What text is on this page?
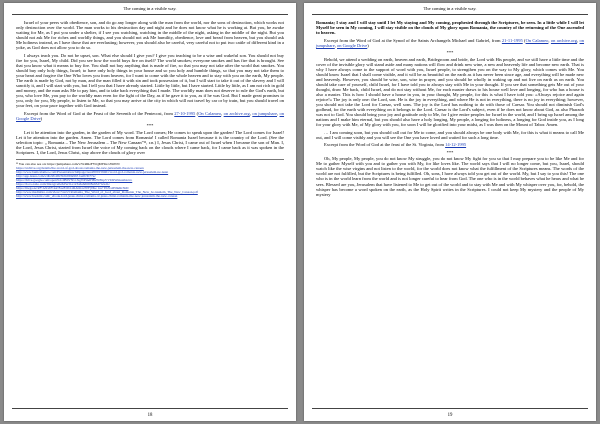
The coming in a visible way.

Israel of your peers with obedience, son, and do go any longer along with the man from the world, nor the sons of destruction, which works not only destruction over the world. The man works to his destruction day and night and he does not know what he is working at. But you, be awake waiting for Me, as I put you under a shelter, if I see you watching, watching in the middle of the night, asking in the middle of the night. But you should not ask Me for riches and worldly things, and you should not ask Me humility, obedience, love and bread from heaven, but you should ask Me holiness instead, as I have those that are everlasting; however, you should also be careful, very careful not to put two cattle of different kind in a yoke, as God does not allow you to do so.

I always teach you. Do not be upset, son. What else should I give you? I give you teaching to be a wise and wakeful son. You should not buy fire for you, Israel, My child. Did you see how the world buys fire on itself? The world smokes; everyone smokes and has fire that is brought. See that you know what it means to buy fire. You shall not buy anything that is made of fire, so that you may not take after the world that smokes. You should buy only holy things, Israel; to have only holy things in your house and so you holy and humble things, so that you may not take them to your heart and forgive the One Who loves you from heaven, for I want to come with the whole heaven and to stay with you on the earth, My people. The earth is made by God, not by man, and the man filled it with sin and took possession of it, but I will start to take it out of the slavery and I will sanctify it, and I will start with you, but I tell you that I have already started. Little by little, but I have started. Little by little, as I am not rich in gold and money, and the man asks Me to pay him, and to take back everything that I made. The worldly man does not deserve to rule the God's earth, but you, who love Me, you pay to the worldly man even for the light of the Day, as if he gave it to you, as if he was God. But I made great promises to you, only for you, My people, to listen to Me, so that you may arrive at the city in which will not travel by car or by train, but you should travel on your feet, on your pace together with God instead.

Excerpt from the Word of God at the Feast of the Seventh of the Pentecost, from 27-10-1995 (On Calameo, on archive.org, on jumpshare, on Google Drive)

***

Let it be attention into the garden, in the garden of My word. The Lord comes; He comes to speak upon the garden! The Lord comes for Israel! Let it be attention into the garden. Amen. The Lord comes from Romania! I called Romania Israel because it is the country of the Lord. (See the selection topic: „ Romania – The New Jerusalem – The New Canaan”¹¹, r.n.) I, Jesus Christ, I came out of Israel when I became the son of Man. I, the Lord, Jesus Christ, started from Israel the voice of My coming back on the clouds where I came back, for I came back as it was spoken in the Scriptures. I, the Lord, Jesus Christ, stay above the clouds of glory over

¹¹ You can also see on: https://jumpshare.com/v/W4IRzFYtQMYKrcZ9iWN
https://archive.org/details/the-word-of-god-about-romania-the-new-jerusalem-the-new-canaan
http://www.bumcalameo.com/Presentation/fullpage/read/000159461/word-god-romania-new-jerusalem-ne-naan
http://app.issuu.com/s/db22b4f6/5b9c09fa9b5 laafb3b77ec
https://drive.google.com/open?id=0B0VNv1XgWPmdHBZNEhpVVURWnkuzhzzvo
https://docs.zoho.com/file/sgve0e6d5e31a123a6a6d6f08a63d7f2ad1c
https://mega.nz/#F!AXx6Y4A!EaeEOb1zRAbKr2J0Yj0Ke 1u2 T0ZG9NbkRr3hD
http://www.mediafire.com/view/?oxrx3 Romania_The_Word_of_God_about_Romania_The_New_Je-rusalem_The_New_Canaan.pdf
http://www.bookrix.com/_ebook-lord-jesus-christ-romania-of-jesus-christ-romania-the-new-jerusalem-the-new-canaan
18
The coming in a visible way.

Romania; I stay and I will stay until I let My staying and My coming, prophesied through the Scriptures, be seen. In a little while I will let Myself be seen in My coming, I will stay visible on the clouds of My glory upon Romania, the country of the returning of the One ascended to heaven.

Excerpt from the Word of God at the Synod of the Saints Archangels Michael and Gabriel, from 21-11-1995 (On Calameo, on archive.org, on jumpshare, on Google Drive)

***

Behold, we attend a wedding on earth, heaven and earth, Bridegroom and bride, the Lord with His people, and we still have a little time and the cover of the invisible glory will stand aside and many nations will flow and drink new wine, a new and heavenly life and become new earth. That is why I have always come to the support of word with you, Israel people, to strengthen you on the way to My glory, which comes with Me. You should know Israel that I shall come visible, and it will be as beautiful on the earth as it has never been since age, and everything will be made new and heavenly. However, you should be wise, son, wise in prayer, and you should be wholly in waking up and not live on earth as on earth. You should take care of yourself, child Israel, for I have told you to always stay with Me in your thought. If you see that something gets Me out of your thought, draw Me back, child Israel, and do not stay without Me, for each master draws to his house well love and longing, for who has a house is also a master. This is how I should have a house in you, in your thought, My people, for this is what I have told you: «Always rejoice and again rejoice!» The joy is only one: the Lord, son. He is the joy in everything, and where He is not in everything, there is no joy in everything; however, you should not take the Lord for Caesar, well sons. The joy is the Lord has nothing to do with those of Caesar. You should not diminish God's godhead, for the earth with everything on it belongs to the Lord. Caesar is the Lord's subject, even if he does not know about God, as also Pharaoh was not to God. You should bring your joy and gratitude only to Me, for I give entire peoples for Israel in the world, and I bring up Israel among the nations and I make him eternal, but you should also have a holy longing, My people, a longing for holiness, a longing for God inside you, as I long for your glory with Me, of My glory with you, for soon I will be glorified into your midst, as I was then on the Mount of Tabor. Amen.

… I am coming soon, but you should call out for Me to come, and you should always be one body with Me, for this is what it means to call Me out, and I will come visibly and you will see the One you have loved and waited for such a long time.

Excerpt from the Word of God at the feast of the St. Virginia, from 14-12-1995

***

Oh, My people, My people, you do not know My struggle, you do not know My fight for you so that I may prepare you to be like Me and for Me to gather Myself with you and to gather you with My, for like loves like. The world says that I will no longer come, but you, Israel, should watch like the wise virgins and not listen to the world, for the world does not know what the fulfillment of the Scriptures means. The words of the world are not fulfilled, but the Scriptures is being fulfilled. Oh, sons, I have always told you get out of the world. My, but I say to you this! The one who is in the world learn from the world and is not longer careful to hear from God. The one who is in the world behaves what he hears and what he sees. Blessed are you, Jerusalem that have listened to Me to get out of the world and to stay with Me and with My whisper over you, for, behold, the whisper has become a word spoken on the earth, as the Holy Spirit writes in the Scriptures. I could not keep My mystery and the people of My mystery

19
